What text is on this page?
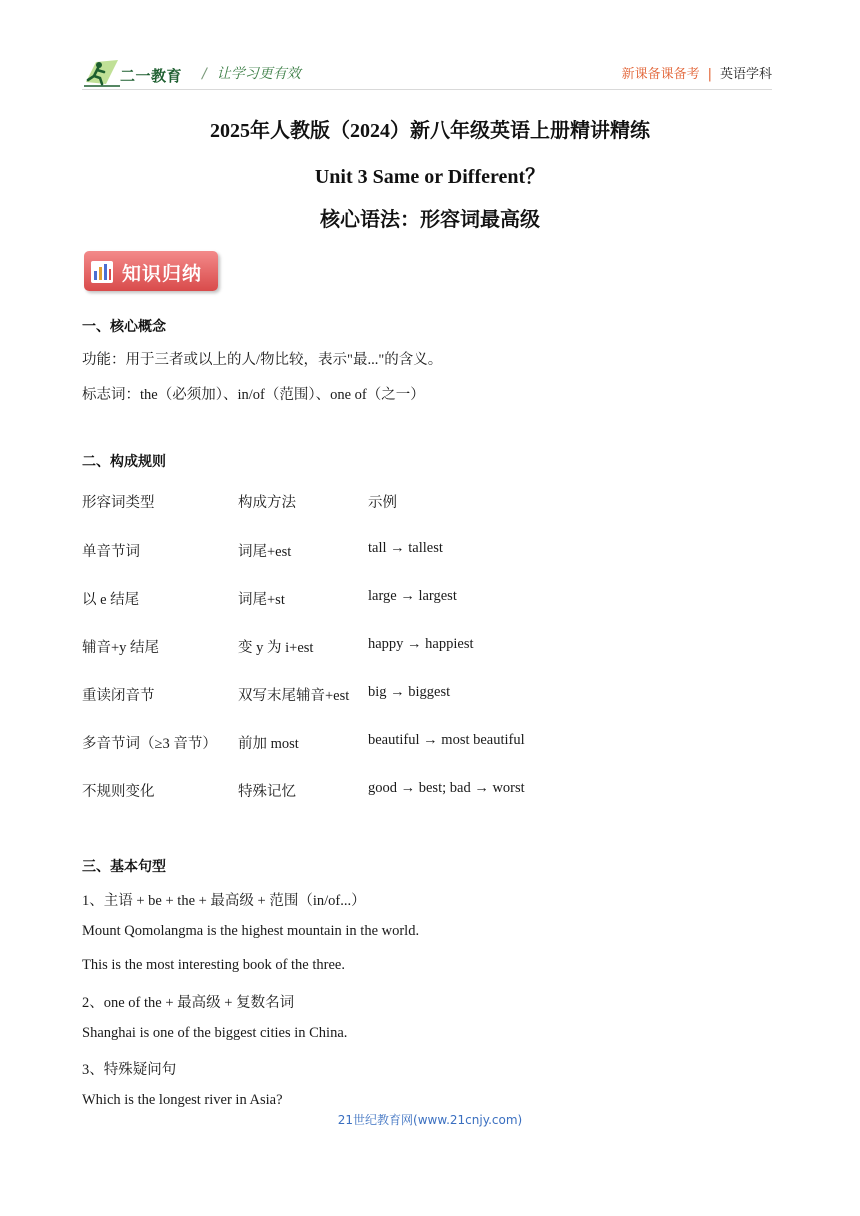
二一教育 / 让学习更有效	新课备课备考 | 英语学科
2025年人教版（2024）新八年级英语上册精讲精练
Unit 3 Same or Different？
核心语法：形容词最高级
知识归纳
一、核心概念
功能：用于三者或以上的人/物比较，表示"最..."的含义。
标志词：the（必须加）、in/of（范围）、one of（之一）
二、构成规则
形容词类型	构成方法	示例
单音节词	词尾+est	tall → tallest
以 e 结尾	词尾+st	large → largest
辅音+y 结尾	变 y 为 i+est	happy → happiest
重读闭音节	双写末尾辅音+est big → biggest
多音节词（≥3 音节） 前加 most	beautiful → most beautiful
不规则变化	特殊记忆	good → best; bad → worst
三、基本句型
1、主语 + be + the + 最高级 + 范围（in/of...）
Mount Qomolangma is the highest mountain in the world.
This is the most interesting book of the three.
2、one of the + 最高级 + 复数名词
Shanghai is one of the biggest cities in China.
3、特殊疑问句
Which is the longest river in Asia?
21世纪教育网(www.21cnjy.com)
